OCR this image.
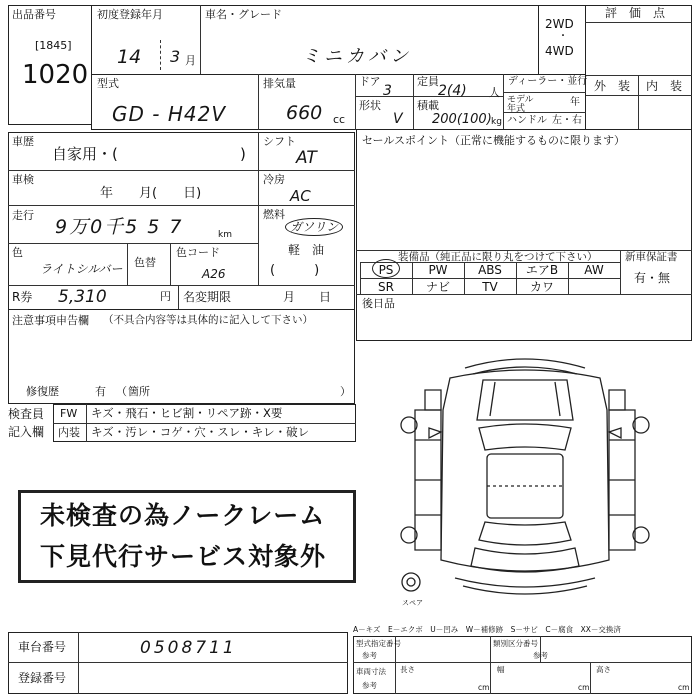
出品番号
[1845]
1020
初度登録年月
14 3 月
車名・グレード
ミニカバン
2WD
・
4WD
評　価　点
外　装 内　装
型式
GD - H42V
排気量
660 cc
ドア
3
定員
2(4) 人
形状
V
積載
200(100) kg
ディーラー・並行
モデル 年式
年
ハンドル 左・右
車歴
自家用・(	)
シフト
AT
車検
年　　月(　　日)
冷房
AC
走行
9万0千5 5 7	km
燃料
ガソリン
軽　油
(　　　)
色
ライトシルバー 色替
色コード
A26
R券 5,310	円 名変期限	月　　日
注意事項申告欄 （不具合内容等は具体的に記入して下さい）
修復歴	有 （ 箇所	）
検査員
記入欄
FW キズ・飛石・ヒビ割・リペア跡・X要
内装 キズ・汚レ・コゲ・穴・スレ・キレ・破レ
セールスポイント（正常に機能するものに限ります）
装備品（純正品に限り丸をつけて下さい）	新車保証書
有・無
PS	PW	ABS	エアB	AW
SR	ナビ	TV	カワ
後日品
未検査の為ノークレーム
下見代行サービス対象外
スペア
A－キズ　E－エクボ　U－凹み　W－補修跡　S－サビ　C－腐食　XX－交換済
車台番号	0508711
登録番号
型式指定番号
参考
類別区分番号
参考
車両寸法
参考
長さ
cm
幅
cm
高さ
cm
